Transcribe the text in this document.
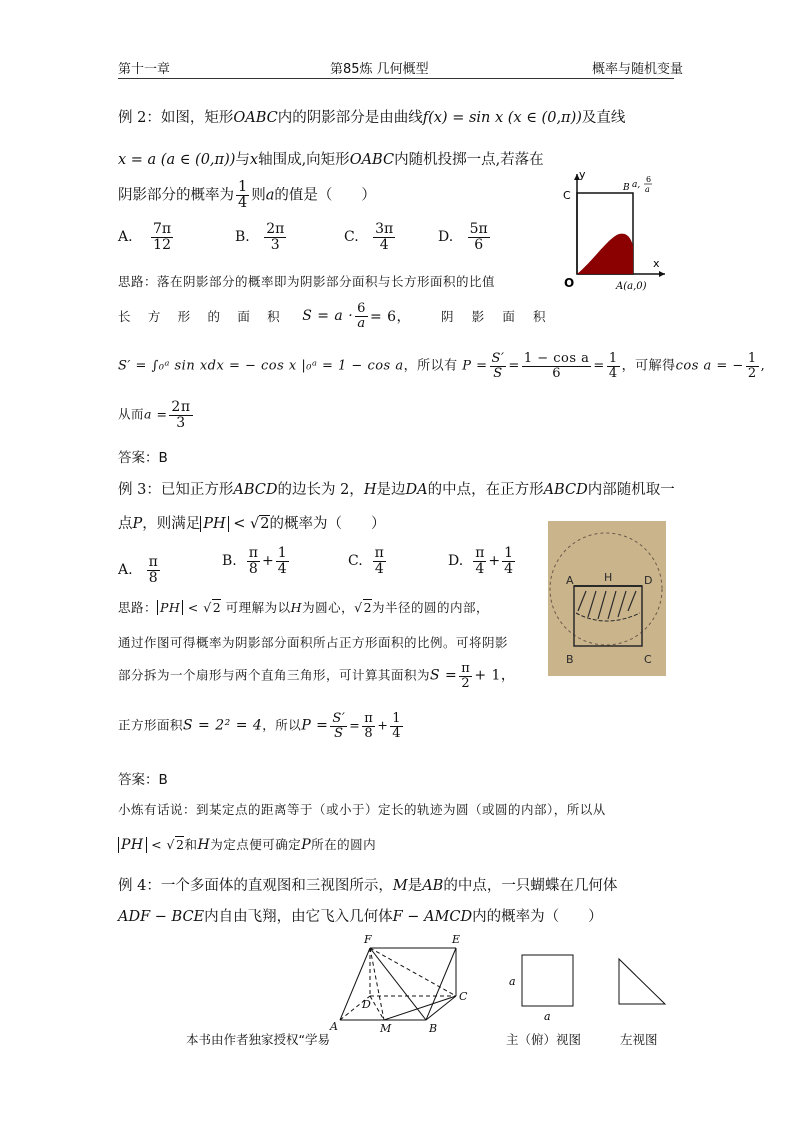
第十一章	第85炼 几何概型	概率与随机变量
例 2：如图，矩形OABC内的阴影部分是由曲线f(x) = sin x (x ∈ (0,π))及直线
x = a (a ∈ (0,π))与x轴围成,向矩形OABC内随机投掷一点,若落在
阴影部分的概率为 $\frac{1}{4}$ 则a的值是（　　）
A. $\frac{7\pi}{12}$	B. $\frac{2\pi}{3}$	C. $\frac{3\pi}{4}$	D. $\frac{5\pi}{6}$
思路：落在阴影部分的概率即为阴影部分面积与长方形面积的比值
长 方 形 的 面 积 $S = a \cdot \frac{6}{a} = 6$， 阴 影 面 积
S′ = ∫₀ᵃ sin xdx = − cos x |₀ᵃ = 1 − cos a，所以有 $P = \frac{S'}{S} = \frac{\text{1 − cos a}}{6} = \frac{1}{4}$ ，可解得cos a = − $\frac{1}{2}$ ,
从而$a = \frac{2\pi}{3}$
答案：B
y
x
C
O
B a,
6
a
A(a,0)
例 3：已知正方形ABCD的边长为 2，H是边DA的中点，在正方形ABCD内部随机取一
点P，则满足 PH < √2的概率为（　　）
A. $\frac{\pi}{8}$	B. $\frac{\pi}{8} + \frac{1}{4}$	C. $\frac{\pi}{4}$	D. $\frac{\pi}{4} + \frac{1}{4}$
思路： PH < √2 可理解为以H为圆心，√2为半径的圆的内部，
通过作图可得概率为阴影部分面积所占正方形面积的比例。可将阴影
部分拆为一个扇形与两个直角三角形，可计算其面积为$S = \frac{\pi}{2} + 1$，
正方形面积S = 2² = 4，所以$P = \frac{S'}{S} = \frac{\pi}{8} + \frac{1}{4}$
答案：B
小炼有话说：到某定点的距离等于（或小于）定长的轨迹为圆（或圆的内部），所以从
PH < √2和H为定点便可确定P所在的圆内
A	H	D
B	C
例 4：一个多面体的直观图和三视图所示，M是AB的中点，一只蝴蝶在几何体
ADF − BCE内自由飞翔，由它飞入几何体F − AMCD内的概率为（　　）
F	E
D
C
A	M	B
a
a
主（俯）视图	左视图
本书由作者独家授权“学易
